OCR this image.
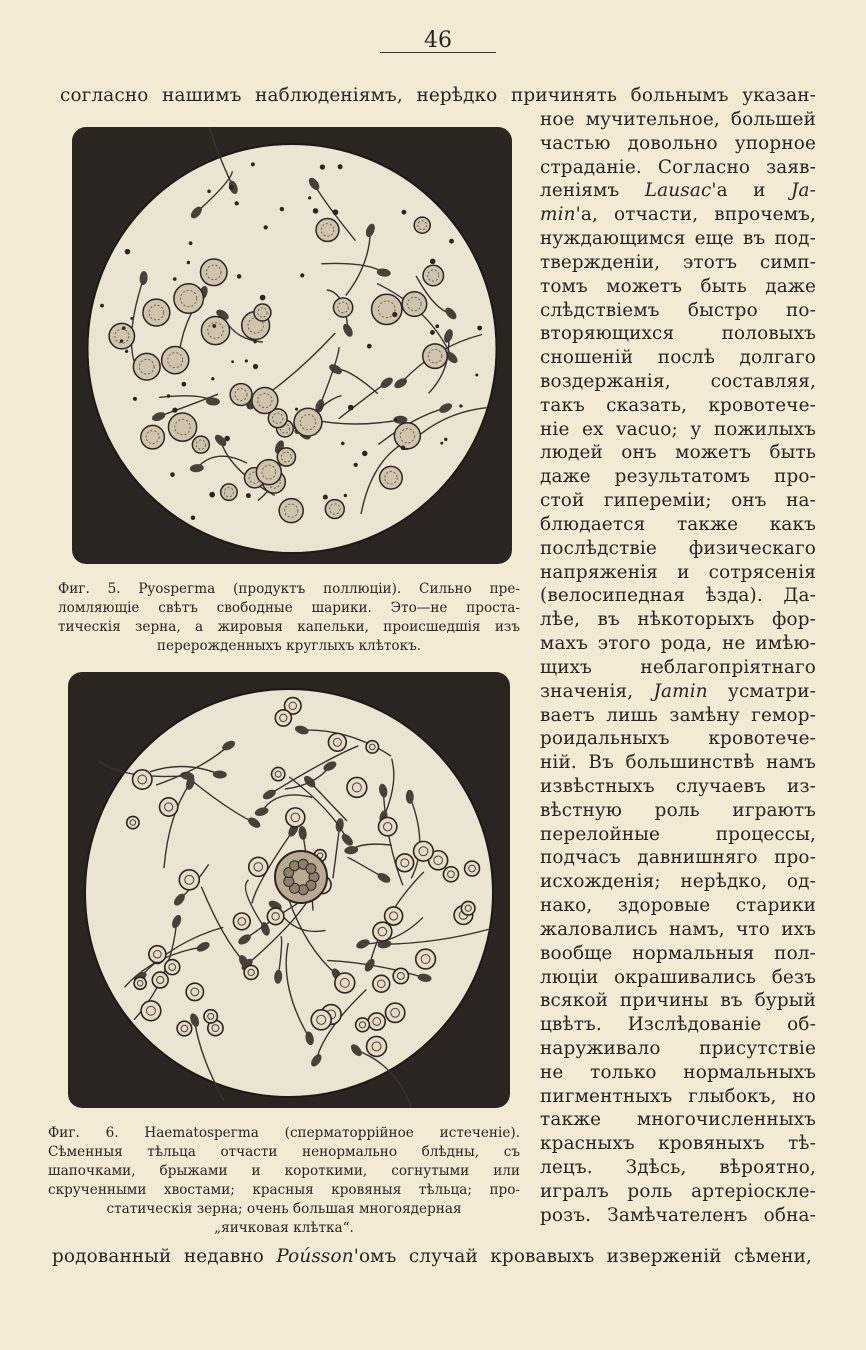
46
согласно нашимъ наблюденіямъ, нерѣдко причинять больнымъ указан-
Фиг. 5. Pyospегma (продуктъ поллюціи). Сильно пре-
ломляющіе свѣтъ свободные шарики. Это—не проста-
тическія зерна, а жировыя капельки, происшедшія изъ
перерожденныхъ круглыхъ клѣтокъ.
Фиг. 6. Haematospегma (сперматоррійное истеченіе).
Сѣменныя тѣльца отчасти ненормально блѣдны, съ
шапочками, брыжами и короткими, согнутыми или
скрученными хвостами; красныя кровяныя тѣльца; про-
статическія зерна; очень большая многоядерная
„яичковая клѣтка“.
ное мучительное, большей
частью довольно упорное
страданіе. Согласно заяв-
леніямъ Lausac'а и Ja-
min'а, отчасти, впрочемъ,
нуждающимся еще въ под-
твержденіи, этотъ симп-
томъ можетъ быть даже
слѣдствіемъ быстро по-
вторяющихся половыхъ
сношеній послѣ долгаго
воздержанія, составляя,
такъ сказать, кровотече-
ніе ex vacuo; у пожилыхъ
людей онъ можетъ быть
даже результатомъ про-
стой гипереміи; онъ на-
блюдается также какъ
послѣдствіе физическаго
напряженія и сотрясенія
(велосипедная ѣзда). Да-
лѣе, въ нѣкоторыхъ фор-
махъ этого рода, не имѣю-
щихъ неблагопріятнаго
значенія, Jamin усматри-
ваетъ лишь замѣну гемор-
роидальныхъ кровотече-
ній. Въ большинствѣ намъ
извѣстныхъ случаевъ из-
вѣстную роль играютъ
перелойные процессы,
подчасъ давнишняго про-
исхожденія; нерѣдко, од-
нако, здоровые старики
жаловались намъ, что ихъ
вообще нормальныя пол-
люціи окрашивались безъ
всякой причины въ бурый
цвѣтъ. Изслѣдованіе об-
наруживало присутствіе
не только нормальныхъ
пигментныхъ глыбокъ, но
также многочисленныхъ
красныхъ кровяныхъ тѣ-
лецъ. Здѣсь, вѣроятно,
игралъ роль артеріоскле-
розъ. Замѣчателенъ обна-
родованный недавно Poússon'омъ случай кровавыхъ изверженій сѣмени,
